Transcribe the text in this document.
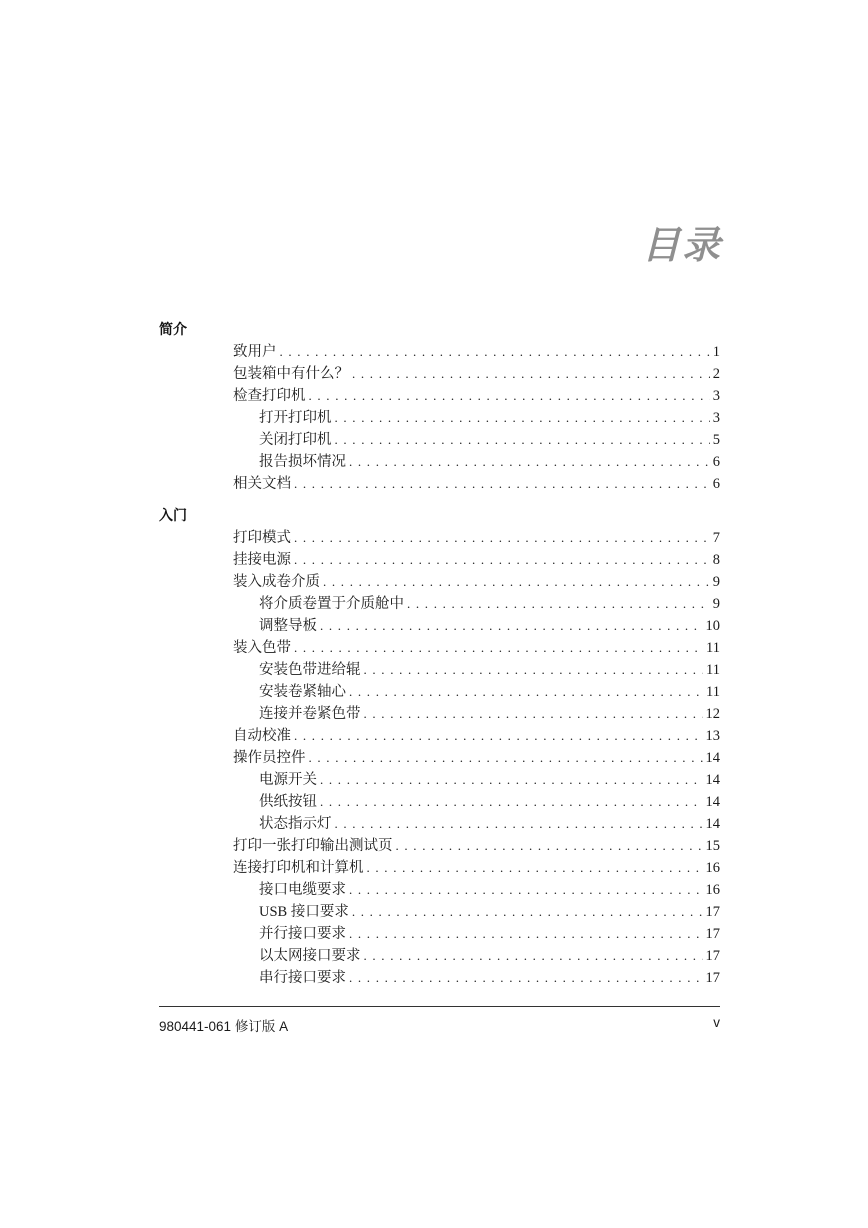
目录
简介
致用户 . . .	1
包装箱中有什么？ . . .	2
检查打印机 . . .	3
打开打印机 . . .	3
关闭打印机 . . .	5
报告损坏情况 . . .	6
相关文档 . . .	6
入门
打印模式 . . .	7
挂接电源 . . .	8
装入成卷介质 . . .	9
将介质卷置于介质舱中 . . .	9
调整导板 . . .	10
装入色带 . . .	11
安装色带进给辊 . . .	11
安装卷紧轴心 . . .	11
连接并卷紧色带 . . .	12
自动校准 . . .	13
操作员控件 . . .	14
电源开关 . . .	14
供纸按钮 . . .	14
状态指示灯 . . .	14
打印一张打印输出测试页 . . .	15
连接打印机和计算机 . . .	16
接口电缆要求 . . .	16
USB 接口要求 . . .	17
并行接口要求 . . .	17
以太网接口要求 . . .	17
串行接口要求 . . .	17
980441-061 修订版 A	v
